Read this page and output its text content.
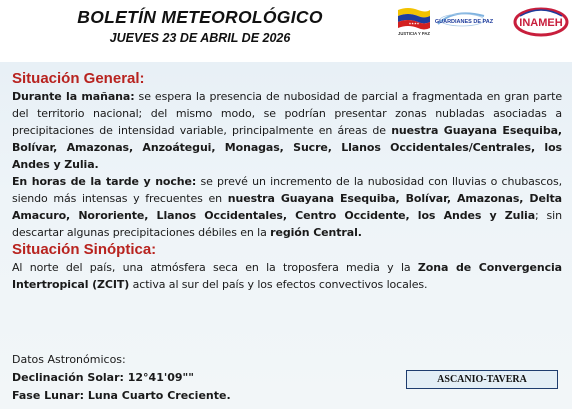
BOLETÍN METEOROLÓGICO
JUEVES 23 DE ABRIL DE 2026
★★★★
JUSTICIA Y PAZ
GUARDIANES DE PAZ INAMEH
Situación General:

Durante la mañana: se espera la presencia de nubosidad de parcial a fragmentada en gran parte del territorio nacional; del mismo modo, se podrían presentar zonas nubladas asociadas a precipitaciones de intensidad variable, principalmente en áreas de nuestra Guayana Esequiba, Bolívar, Amazonas, Anzoátegui, Monagas, Sucre, Llanos Occidentales/Centrales, los Andes y Zulia.

En horas de la tarde y noche: se prevé un incremento de la nubosidad con lluvias o chubascos, siendo más intensas y frecuentes en nuestra Guayana Esequiba, Bolívar, Amazonas, Delta Amacuro, Nororiente, Llanos Occidentales, Centro Occidente, los Andes y Zulia; sin descartar algunas precipitaciones débiles en la región Central.

Situación Sinóptica:

Al norte del país, una atmósfera seca en la troposfera media y la Zona de Convergencia Intertropical (ZCIT) activa al sur del país y los efectos convectivos locales.

Datos Astronómicos:
Declinación Solar: 12°41'09""
Fase Lunar: Luna Cuarto Creciente.
ASCANIO-TAVERA
